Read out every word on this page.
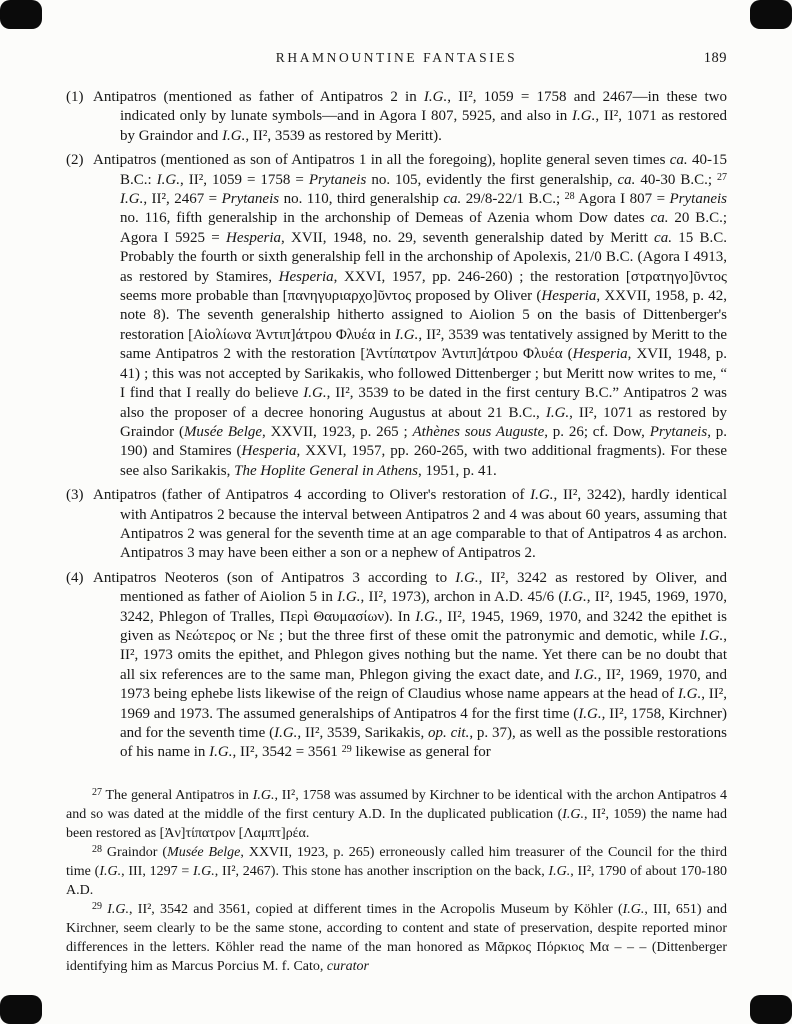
RHAMNOUNTINE FANTASIES	189
(1) Antipatros (mentioned as father of Antipatros 2 in I.G., II², 1059 = 1758 and 2467—in these two indicated only by lunate symbols—and in Agora I 807, 5925, and also in I.G., II², 1071 as restored by Graindor and I.G., II², 3539 as restored by Meritt).
(2) Antipatros (mentioned as son of Antipatros 1 in all the foregoing), hoplite general seven times ca. 40-15 B.C.: I.G., II², 1059 = 1758 = Prytaneis no. 105, evidently the first generalship, ca. 40-30 B.C.; $^{27}$ I.G., II², 2467 = Prytaneis no. 110, third generalship ca. 29/8-22/1 B.C.; $^{28}$ Agora I 807 = Prytaneis no. 116, fifth generalship in the archonship of Demeas of Azenia whom Dow dates ca. 20 B.C.; Agora I 5925 = Hesperia, XVII, 1948, no. 29, seventh generalship dated by Meritt ca. 15 B.C. Probably the fourth or sixth generalship fell in the archonship of Apolexis, 21/0 B.C. (Agora I 4913, as restored by Stamires, Hesperia, XXVI, 1957, pp. 246-260) ; the restoration [στρατηγο]ῦντος seems more probable than [πανηγυριαρχο]ῦντος proposed by Oliver (Hesperia, XXVII, 1958, p. 42, note 8). The seventh generalship hitherto assigned to Aiolion 5 on the basis of Dittenberger's restoration [Αἰολίωνα Ἀντιπ]άτρου Φλυέα in I.G., II², 3539 was tentatively assigned by Meritt to the same Antipatros 2 with the restoration [Ἀντίπατρον Ἀντιπ]άτρου Φλυέα (Hesperia, XVII, 1948, p. 41) ; this was not accepted by Sarikakis, who followed Dittenberger ; but Meritt now writes to me, “ I find that I really do believe I.G., II², 3539 to be dated in the first century B.C.” Antipatros 2 was also the proposer of a decree honoring Augustus at about 21 B.C., I.G., II², 1071 as restored by Graindor (Musée Belge, XXVII, 1923, p. 265 ; Athènes sous Auguste, p. 26; cf. Dow, Prytaneis, p. 190) and Stamires (Hesperia, XXVI, 1957, pp. 260-265, with two additional fragments). For these see also Sarikakis, The Hoplite General in Athens, 1951, p. 41.
(3) Antipatros (father of Antipatros 4 according to Oliver's restoration of I.G., II², 3242), hardly identical with Antipatros 2 because the interval between Antipatros 2 and 4 was about 60 years, assuming that Antipatros 2 was general for the seventh time at an age comparable to that of Antipatros 4 as archon. Antipatros 3 may have been either a son or a nephew of Antipatros 2.
(4) Antipatros Neoteros (son of Antipatros 3 according to I.G., II², 3242 as restored by Oliver, and mentioned as father of Aiolion 5 in I.G., II², 1973), archon in A.D. 45/6 (I.G., II², 1945, 1969, 1970, 3242, Phlegon of Tralles, Περὶ Θαυμασίων). In I.G., II², 1945, 1969, 1970, and 3242 the epithet is given as Νεώτερος or Νε ; but the three first of these omit the patronymic and demotic, while I.G., II², 1973 omits the epithet, and Phlegon gives nothing but the name. Yet there can be no doubt that all six references are to the same man, Phlegon giving the exact date, and I.G., II², 1969, 1970, and 1973 being ephebe lists likewise of the reign of Claudius whose name appears at the head of I.G., II², 1969 and 1973. The assumed generalships of Antipatros 4 for the first time (I.G., II², 1758, Kirchner) and for the seventh time (I.G., II², 3539, Sarikakis, op. cit., p. 37), as well as the possible restorations of his name in I.G., II², 3542 = 3561 $^{29}$ likewise as general for
$^{27}$ The general Antipatros in I.G., II², 1758 was assumed by Kirchner to be identical with the archon Antipatros 4 and so was dated at the middle of the first century A.D. In the duplicated publication (I.G., II², 1059) the name had been restored as [Ἀν]τίπατρον [Λαμπτ]ρέα.
$^{28}$ Graindor (Musée Belge, XXVII, 1923, p. 265) erroneously called him treasurer of the Council for the third time (I.G., III, 1297 = I.G., II², 2467). This stone has another inscription on the back, I.G., II², 1790 of about 170-180 A.D.
$^{29}$ I.G., II², 3542 and 3561, copied at different times in the Acropolis Museum by Köhler (I.G., III, 651) and Kirchner, seem clearly to be the same stone, according to content and state of preservation, despite reported minor differences in the letters. Köhler read the name of the man honored as Μᾶρκος Πόρκιος Μα – – – (Dittenberger identifying him as Marcus Porcius M. f. Cato, curator
